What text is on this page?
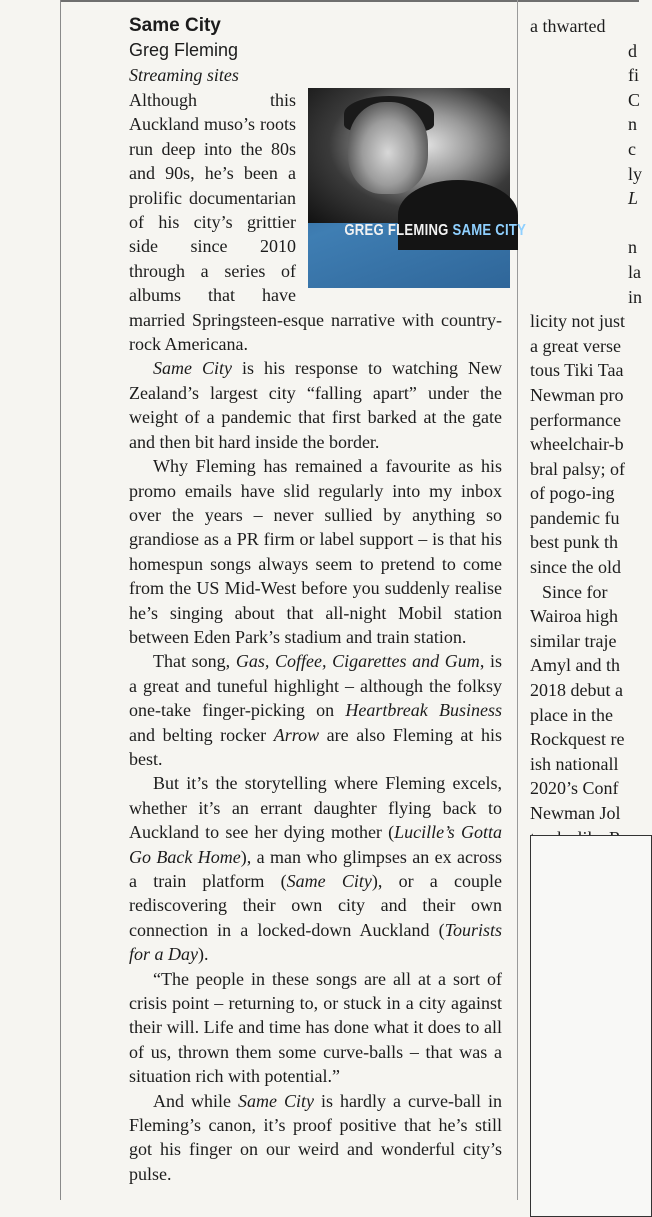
Same City
Greg Fleming
Streaming sites
GREG FLEMING SAME CITY

Although this Auckland muso’s roots run deep into the 80s and 90s, he’s been a prolific documentarian of his city’s grittier side since 2010 through a series of albums that have married Springsteen-esque narrative with country-rock Americana.

Same City is his response to watching New Zealand’s largest city “falling apart” under the weight of a pandemic that first barked at the gate and then bit hard inside the border.

Why Fleming has remained a favourite as his promo emails have slid regularly into my inbox over the years – never sullied by anything so grandiose as a PR firm or label support – is that his homespun songs always seem to pretend to come from the US Mid-West before you suddenly realise he’s singing about that all-night Mobil station between Eden Park’s stadium and train station.

That song, Gas, Coffee, Cigarettes and Gum, is a great and tuneful highlight – although the folksy one-take finger-picking on Heartbreak Business and belting rocker Arrow are also Fleming at his best.

But it’s the storytelling where Fleming excels, whether it’s an errant daughter flying back to Auckland to see her dying mother (Lucille’s Gotta Go Back Home), a man who glimpses an ex across a train platform (Same City), or a couple rediscovering their own city and their own connection in a locked-down Auckland (Tourists for a Day).

“The people in these songs are all at a sort of crisis point – returning to, or stuck in a city against their will. Life and time has done what it does to all of us, thrown them some curve-balls – that was a situation rich with potential.”

And while Same City is hardly a curve-ball in Fleming’s canon, it’s proof positive that he’s still got his finger on our weird and wonderful city’s pulse.

a thwarted
d
fi
C
n
c
ly
L
n
la
in
licity not just
a great verse
tous Tiki Taa
Newman pro
performance
wheelchair-b
bral palsy; of
of pogo-ing
pandemic fu
best punk th
since the old
Since for
Wairoa high
similar traje
Amyl and th
2018 debut a
place in the
Rockquest re
ish nationall
2020’s Conf
Newman Jol
